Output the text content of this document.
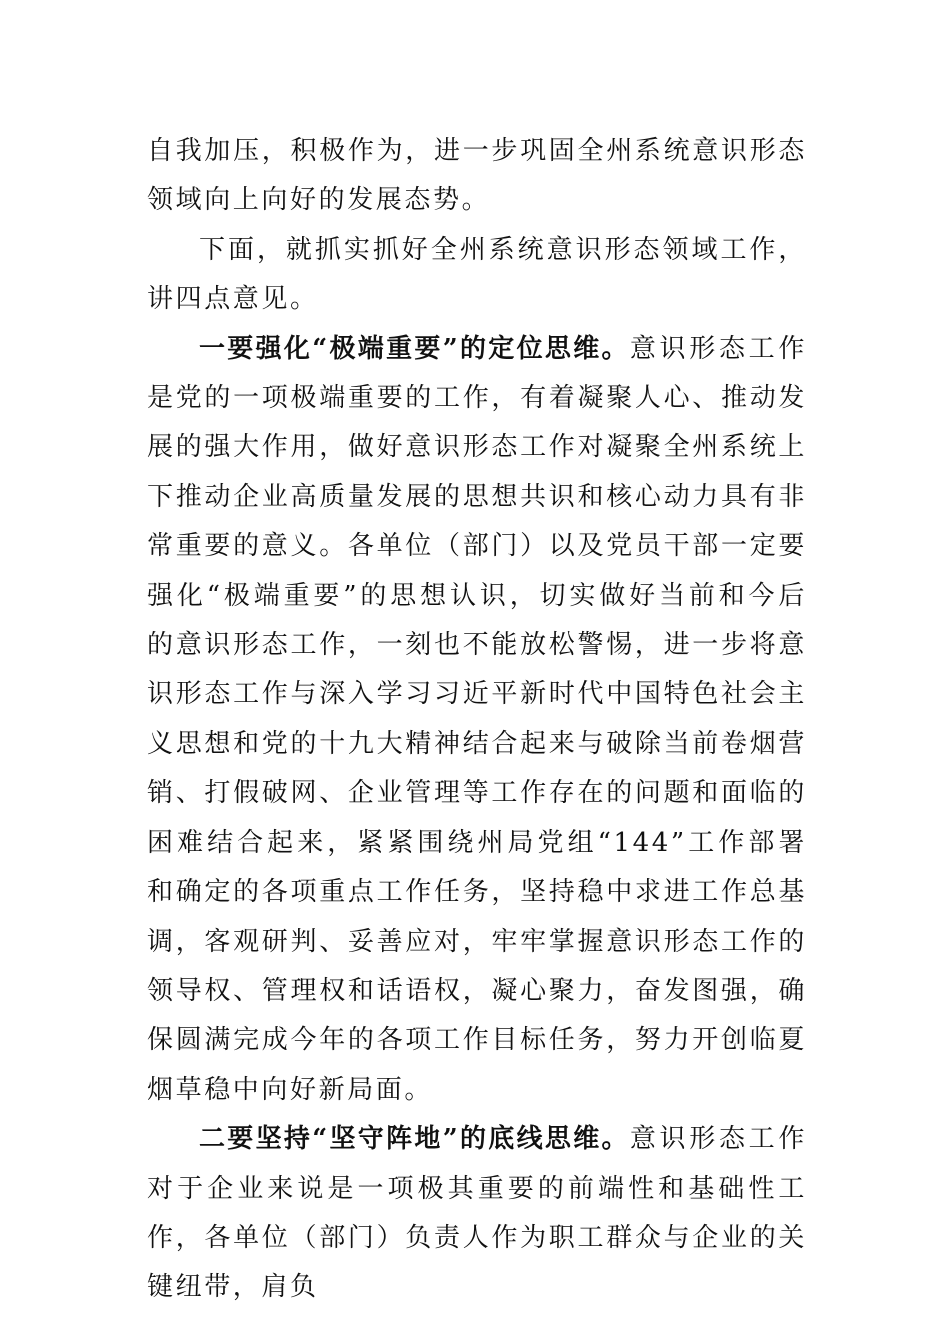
自我加压，积极作为，进一步巩固全州系统意识形态领域向上向好的发展态势。

下面，就抓实抓好全州系统意识形态领域工作，讲四点意见。

一要强化“极端重要”的定位思维。意识形态工作是党的一项极端重要的工作，有着凝聚人心、推动发展的强大作用，做好意识形态工作对凝聚全州系统上下推动企业高质量发展的思想共识和核心动力具有非常重要的意义。各单位（部门）以及党员干部一定要强化“极端重要”的思想认识，切实做好当前和今后的意识形态工作，一刻也不能放松警惕，进一步将意识形态工作与深入学习习近平新时代中国特色社会主义思想和党的十九大精神结合起来与破除当前卷烟营销、打假破网、企业管理等工作存在的问题和面临的困难结合起来，紧紧围绕州局党组“144”工作部署和确定的各项重点工作任务，坚持稳中求进工作总基调，客观研判、妥善应对，牢牢掌握意识形态工作的领导权、管理权和话语权，凝心聚力，奋发图强，确保圆满完成今年的各项工作目标任务，努力开创临夏烟草稳中向好新局面。

二要坚持“坚守阵地”的底线思维。意识形态工作对于企业来说是一项极其重要的前端性和基础性工作，各单位（部门）负责人作为职工群众与企业的关键纽带，肩负
